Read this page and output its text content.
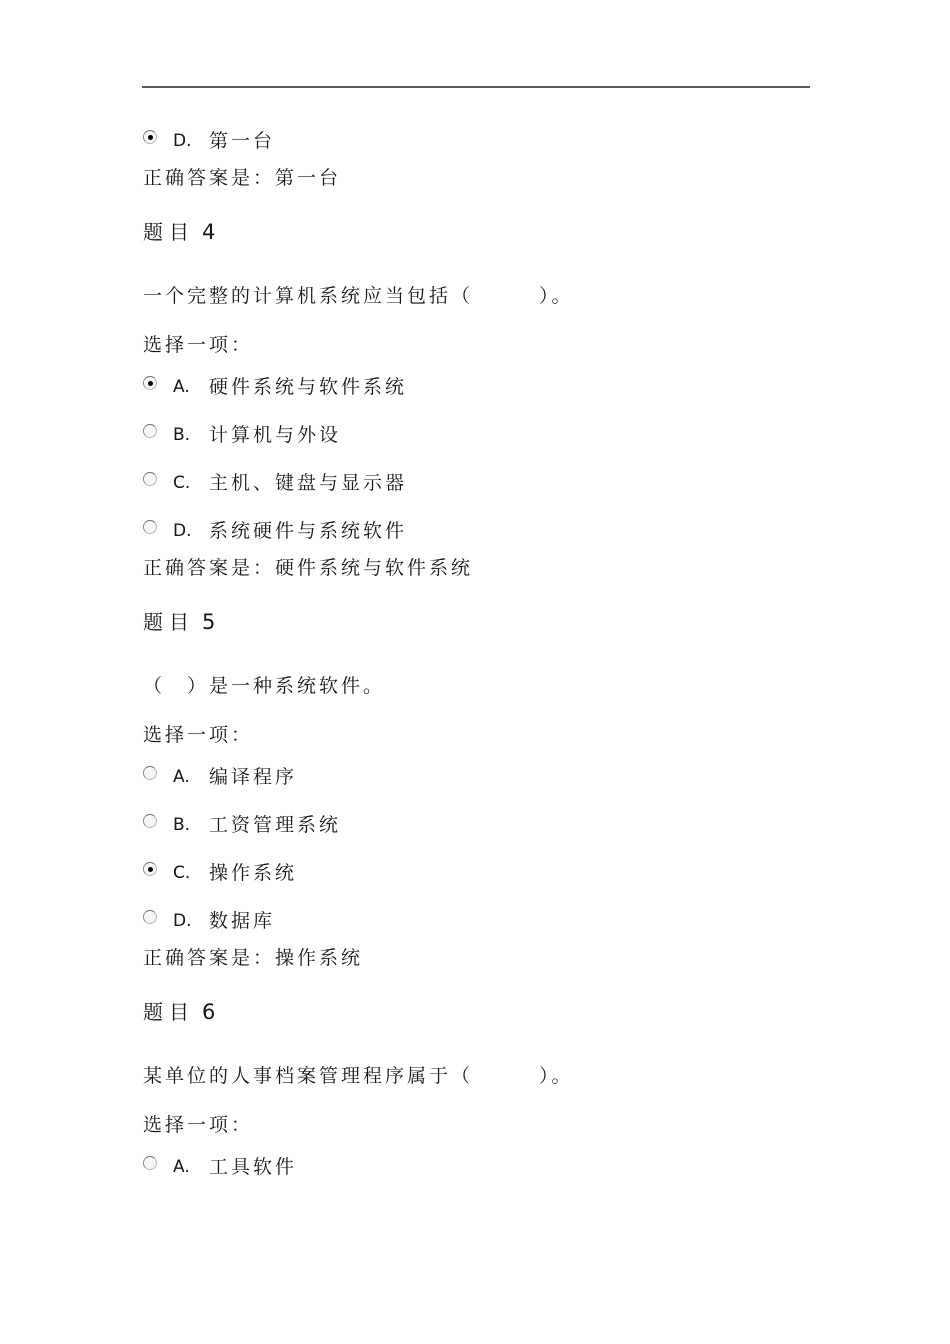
D. 第一台
正确答案是：第一台
题目 4
一个完整的计算机系统应当包括（　　　）。
选择一项：
A.	硬件系统与软件系统
B. 计算机与外设
C. 主机、键盘与显示器
D. 系统硬件与系统软件
正确答案是：硬件系统与软件系统
题目 5
（　）是一种系统软件。
选择一项：
A.	编译程序
B. 工资管理系统
C. 操作系统
D. 数据库
正确答案是：操作系统
题目 6
某单位的人事档案管理程序属于（　　　）。
选择一项：
A.	工具软件
